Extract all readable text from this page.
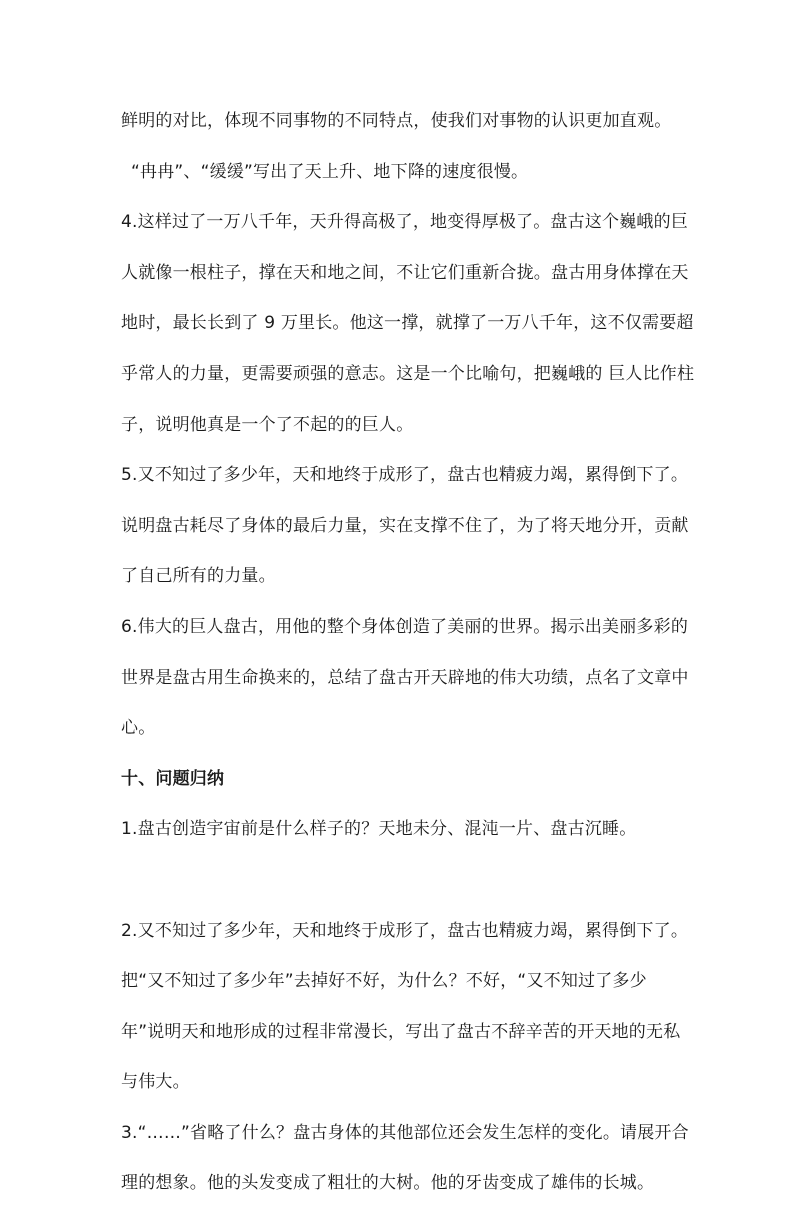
鲜明的对比，体现不同事物的不同特点，使我们对事物的认识更加直观。
“冉冉”、“缓缓”写出了天上升、地下降的速度很慢。
4.这样过了一万八千年，天升得高极了，地变得厚极了。盘古这个巍峨的巨
人就像一根柱子，撑在天和地之间，不让它们重新合拢。盘古用身体撑在天
地时，最长长到了 9 万里长。他这一撑，就撑了一万八千年，这不仅需要超
乎常人的力量，更需要顽强的意志。这是一个比喻句，把巍峨的 巨人比作柱
子，说明他真是一个了不起的的巨人。
5.又不知过了多少年，天和地终于成形了，盘古也精疲力竭，累得倒下了。
说明盘古耗尽了身体的最后力量，实在支撑不住了，为了将天地分开，贡献
了自己所有的力量。
6.伟大的巨人盘古，用他的整个身体创造了美丽的世界。揭示出美丽多彩的
世界是盘古用生命换来的，总结了盘古开天辟地的伟大功绩，点名了文章中
心。
十、问题归纳
1.盘古创造宇宙前是什么样子的？天地未分、混沌一片、盘古沉睡。
2.又不知过了多少年，天和地终于成形了，盘古也精疲力竭，累得倒下了。
把“又不知过了多少年”去掉好不好，为什么？不好，“又不知过了多少
年”说明天和地形成的过程非常漫长，写出了盘古不辞辛苦的开天地的无私
与伟大。
3.“……”省略了什么？盘古身体的其他部位还会发生怎样的变化。请展开合
理的想象。他的头发变成了粗壮的大树。他的牙齿变成了雄伟的长城。
